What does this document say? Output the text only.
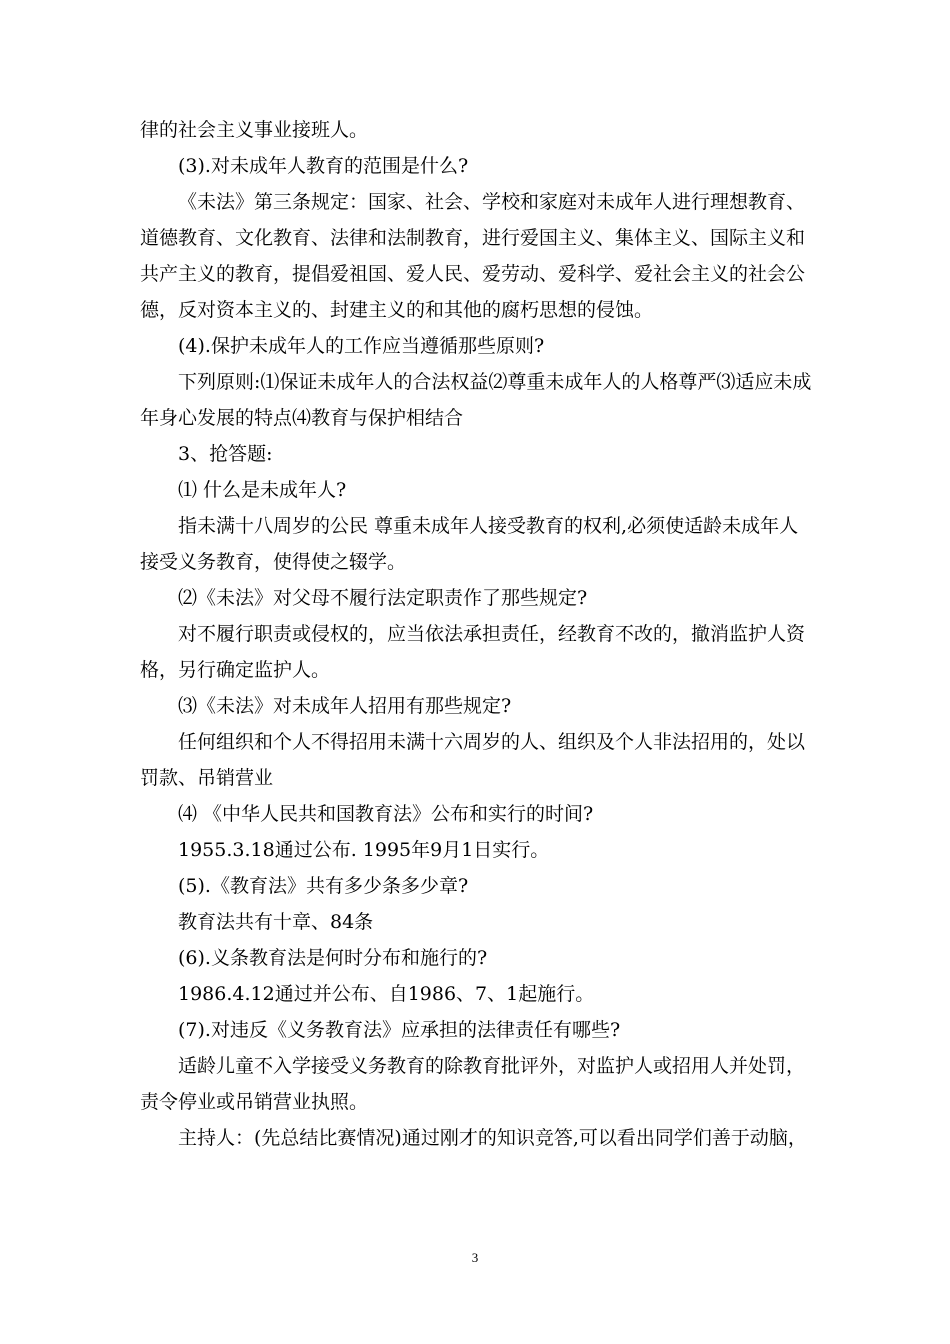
律的社会主义事业接班人。

(3).对未成年人教育的范围是什么?

《未法》第三条规定：国家、社会、学校和家庭对未成年人进行理想教育、道德教育、文化教育、法律和法制教育，进行爱国主义、集体主义、国际主义和共产主义的教育，提倡爱祖国、爱人民、爱劳动、爱科学、爱社会主义的社会公德，反对资本主义的、封建主义的和其他的腐朽思想的侵蚀。

(4).保护未成年人的工作应当遵循那些原则?

下列原则:⑴保证未成年人的合法权益⑵尊重未成年人的人格尊严⑶适应未成年身心发展的特点⑷教育与保护相结合

3、抢答题:

⑴ 什么是未成年人?

指未满十八周岁的公民 尊重未成年人接受教育的权利,必须使适龄未成年人接受义务教育，使得使之辍学。

⑵《未法》对父母不履行法定职责作了那些规定?

对不履行职责或侵权的，应当依法承担责任，经教育不改的，撤消监护人资格，另行确定监护人。

⑶《未法》对未成年人招用有那些规定?

任何组织和个人不得招用未满十六周岁的人、组织及个人非法招用的，处以罚款、吊销营业

⑷ 《中华人民共和国教育法》公布和实行的时间?

1955.3.18通过公布. 1995年9月1日实行。

(5).《教育法》共有多少条多少章?

教育法共有十章、84条

(6).义条教育法是何时分布和施行的?

1986.4.12通过并公布、自1986、7、1起施行。

(7).对违反《义务教育法》应承担的法律责任有哪些?

适龄儿童不入学接受义务教育的除教育批评外，对监护人或招用人并处罚，责令停业或吊销营业执照。

主持人：(先总结比赛情况)通过刚才的知识竞答,可以看出同学们善于动脑，

3
